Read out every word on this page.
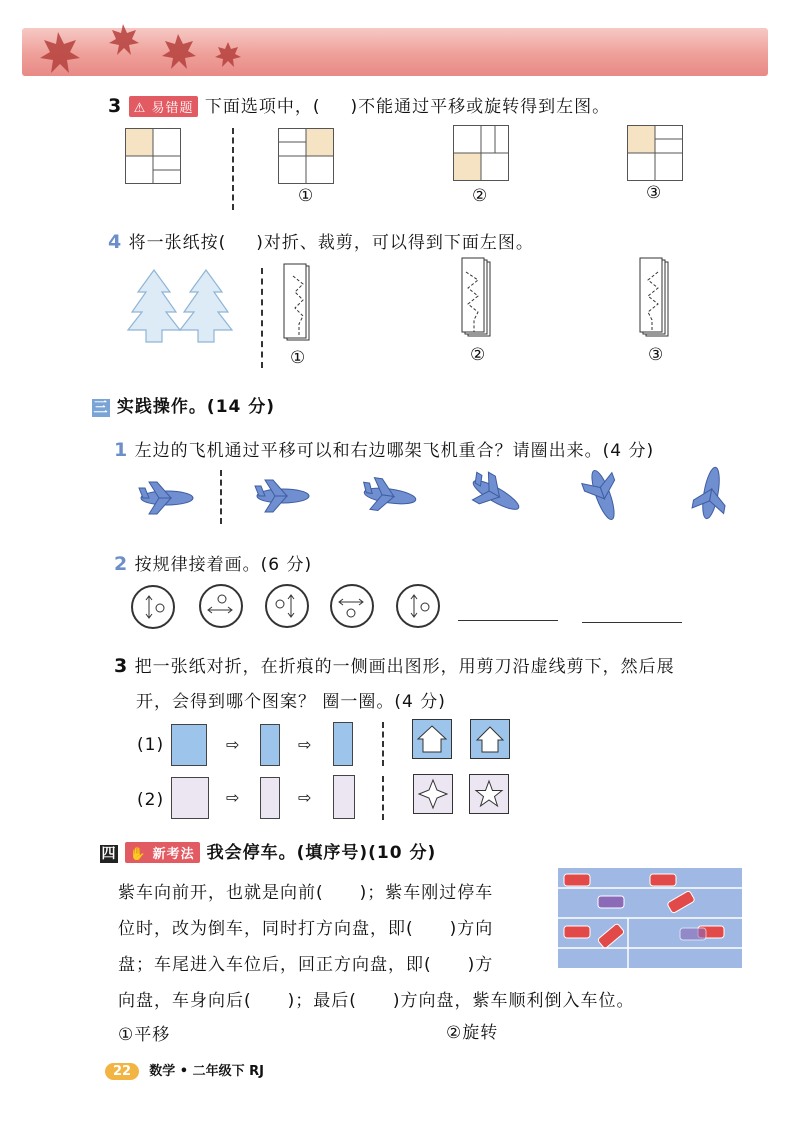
3 ⚠ 易错题 下面选项中，( )不能通过平移或旋转得到左图。
①	②	③
4 将一张纸按( )对折、裁剪，可以得到下面左图。
①	②	③
三 实践操作。(14 分)
1 左边的飞机通过平移可以和右边哪架飞机重合？请圈出来。(4 分)
2 按规律接着画。(6 分)
3 把一张纸对折，在折痕的一侧画出图形，用剪刀沿虚线剪下，然后展
开，会得到哪个图案？ 圈一圈。(4 分)
(1)	⇨	⇨
(2)	⇨	⇨
四 ✋ 新考法 我会停车。(填序号)(10 分)
紫车向前开，也就是向前(　　)；紫车刚过停车
位时，改为倒车，同时打方向盘，即(　　)方向
盘；车尾进入车位后，回正方向盘，即(　　)方
向盘，车身向后(　　)；最后(　　)方向盘，紫车顺利倒入车位。
①平移	②旋转
22 数学 • 二年级下 RJ
